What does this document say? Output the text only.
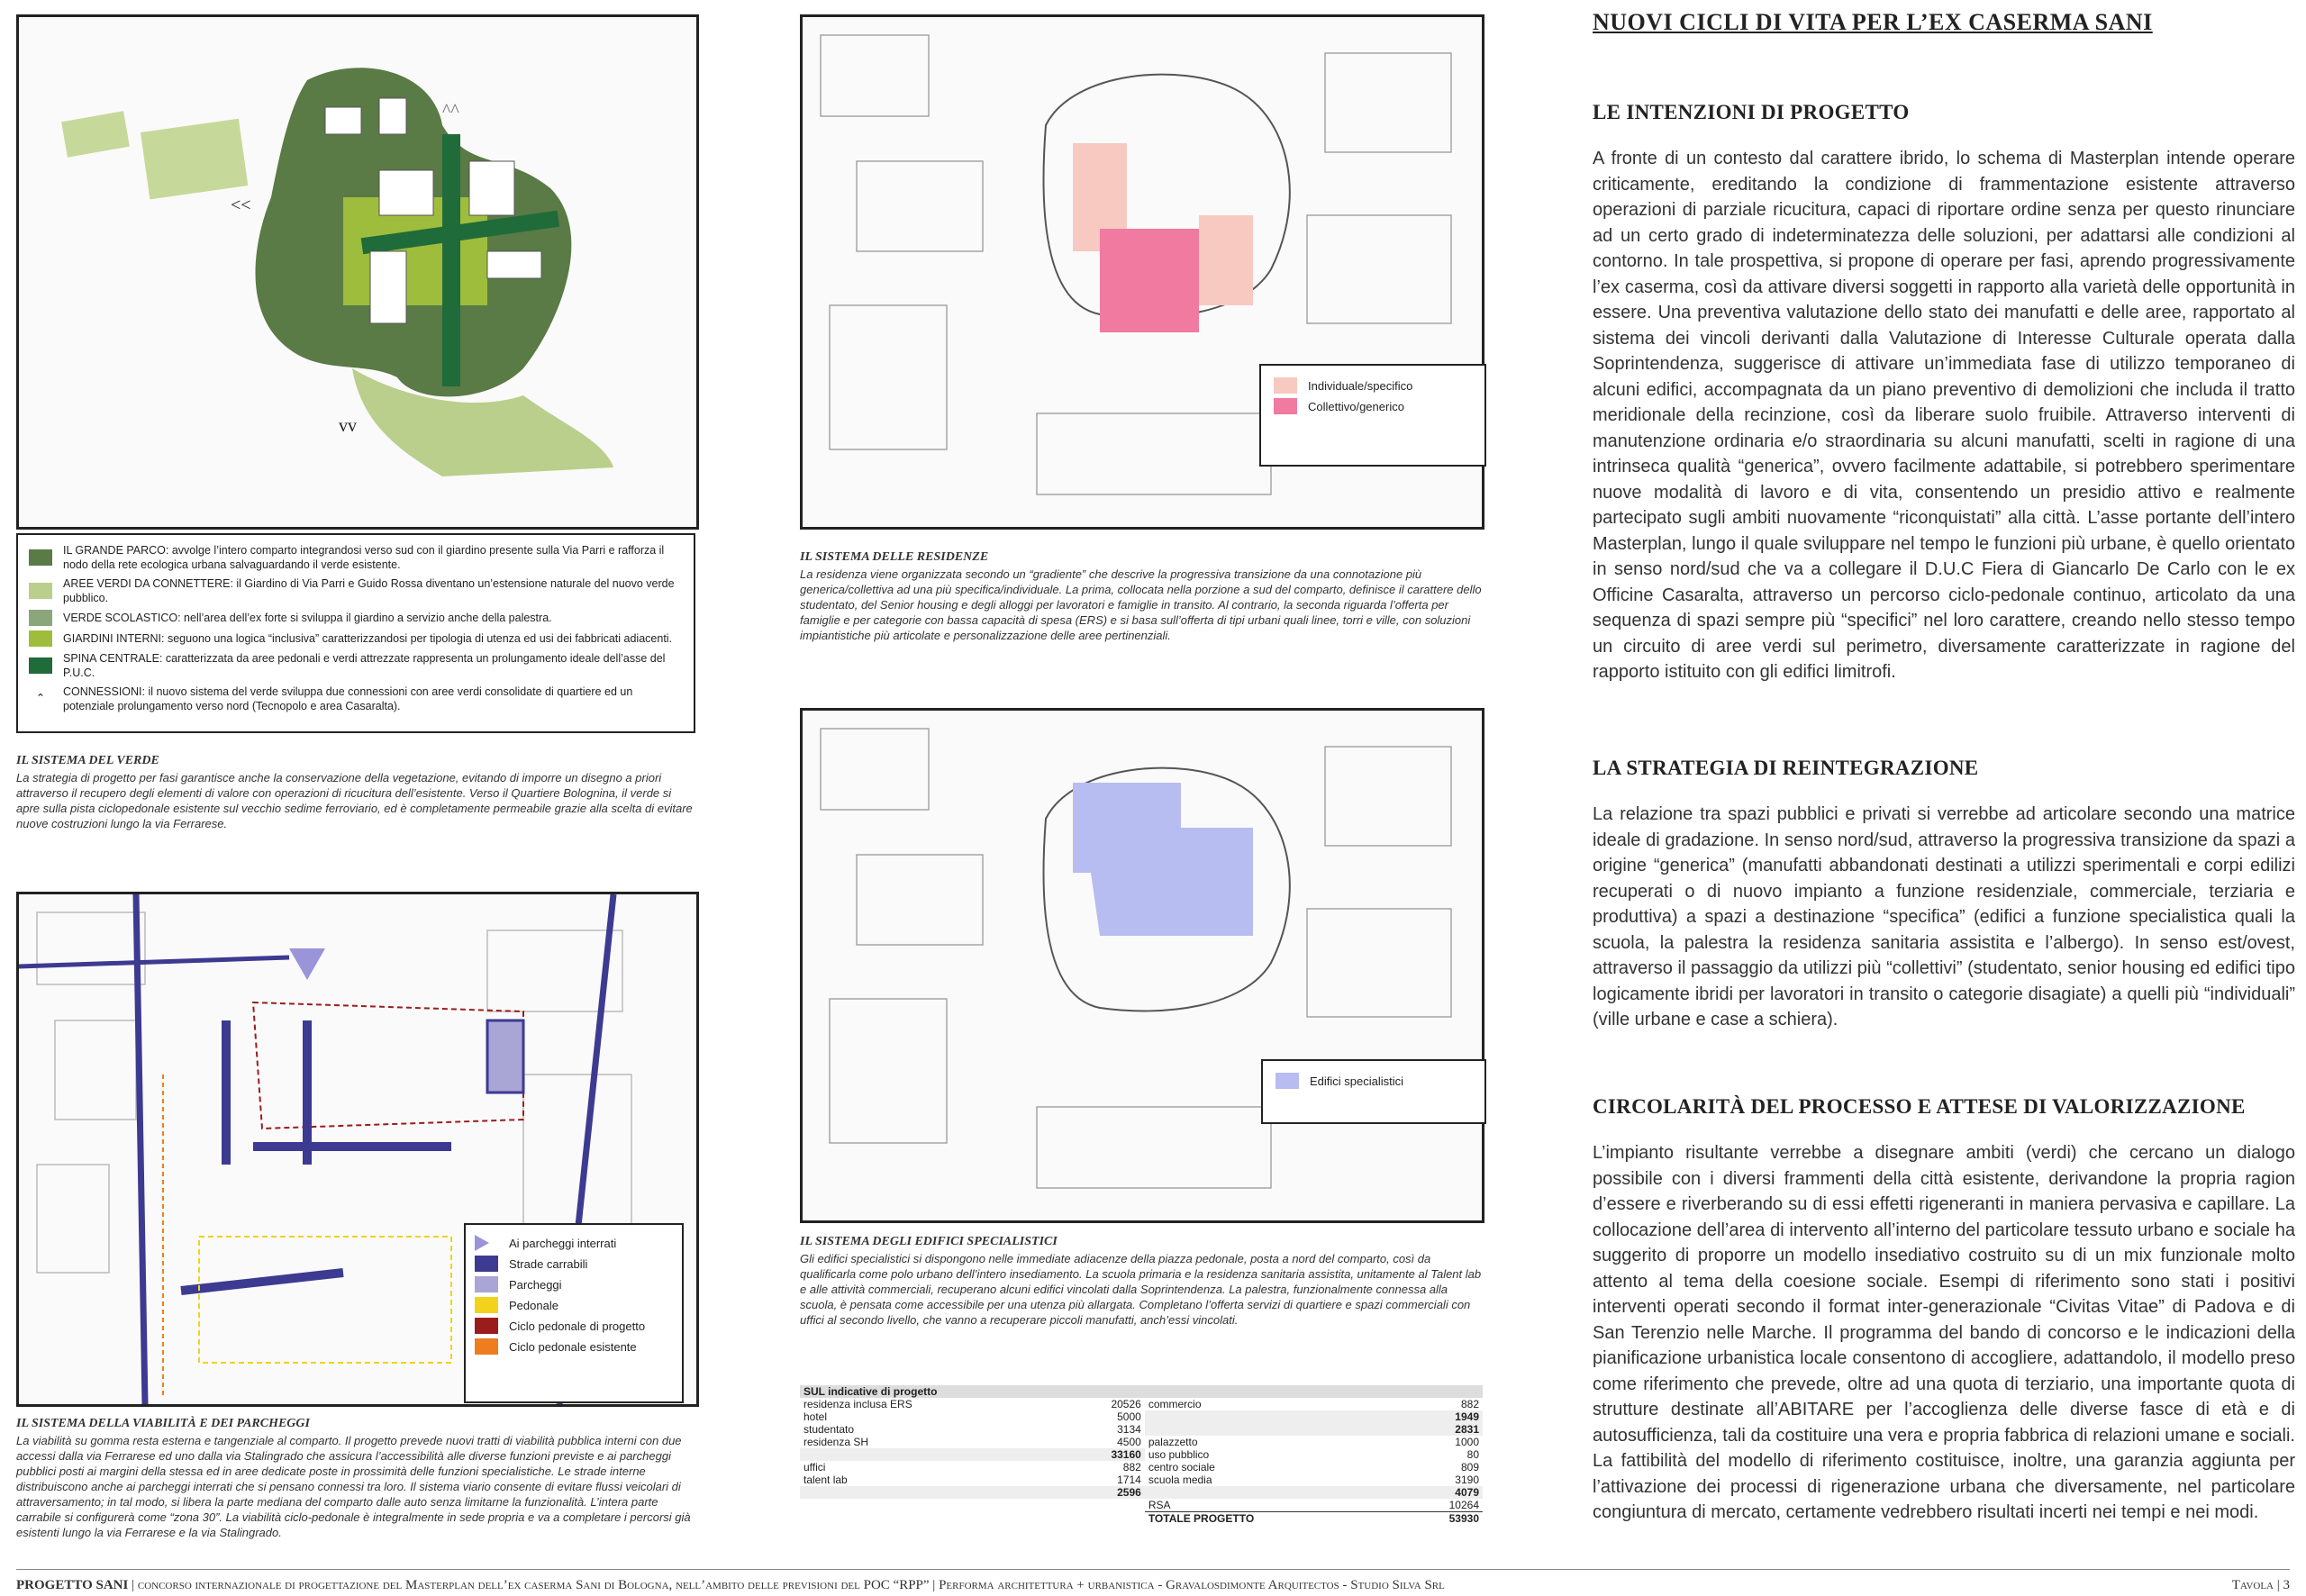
^^
<<
vv
IL GRANDE PARCO: avvolge l’intero comparto integrandosi verso sud con il giardino presente sulla Via Parri e rafforza il nodo della rete ecologica urbana salvaguardando il verde esistente.
AREE VERDI DA CONNETTERE: il Giardino di Via Parri e Guido Rossa diventano un’estensione naturale del nuovo verde pubblico.
VERDE SCOLASTICO: nell’area dell’ex forte si sviluppa il giardino a servizio anche della palestra.
GIARDINI INTERNI: seguono una logica “inclusiva” caratterizzandosi per tipologia di utenza ed usi dei fabbricati adiacenti.
SPINA CENTRALE: caratterizzata da aree pedonali e verdi attrezzate rappresenta un prolungamento ideale dell’asse del P.U.C.
⌃	CONNESSIONI: il nuovo sistema del verde sviluppa due connessioni con aree verdi consolidate di quartiere ed un potenziale prolungamento verso nord (Tecnopolo e area Casaralta).
IL SISTEMA DEL VERDE
La strategia di progetto per fasi garantisce anche la conservazione della vegetazione, evitando di imporre un disegno a priori attraverso il recupero degli elementi di valore con operazioni di ricucitura dell’esistente. Verso il Quartiere Bolognina, il verde si apre sulla pista ciclopedonale esistente sul vecchio sedime ferroviario, ed è completamente permeabile grazie alla scelta di evitare nuove costruzioni lungo la via Ferrarese.
Ai parcheggi interrati
Strade carrabili
Parcheggi
Pedonale
Ciclo pedonale di progetto
Ciclo pedonale esistente
IL SISTEMA DELLA VIABILITÀ E DEI PARCHEGGI
La viabilità su gomma resta esterna e tangenziale al comparto. Il progetto prevede nuovi tratti di viabilità pubblica interni con due accessi dalla via Ferrarese ed uno dalla via Stalingrado che assicura l’accessibilità alle diverse funzioni previste e ai parcheggi pubblici posti ai margini della stessa ed in aree dedicate poste in prossimità delle funzioni specialistiche. Le strade interne distribuiscono anche ai parcheggi interrati che si pensano connessi tra loro. Il sistema viario consente di evitare flussi veicolari di attraversamento; in tal modo, si libera la parte mediana del comparto dalle auto senza limitarne la funzionalità. L’intera parte carrabile si configurerà come “zona 30”. La viabilità ciclo-pedonale è integralmente in sede propria e va a completare i percorsi già esistenti lungo la via Ferrarese e la via Stalingrado.
Individuale/specifico
Collettivo/generico
IL SISTEMA DELLE RESIDENZE
La residenza viene organizzata secondo un “gradiente” che descrive la progressiva transizione da una connotazione più generica/collettiva ad una più specifica/individuale. La prima, collocata nella porzione a sud del comparto, definisce il carattere dello studentato, del Senior housing e degli alloggi per lavoratori e famiglie in transito. Al contrario, la seconda riguarda l’offerta per famiglie e per categorie con bassa capacità di spesa (ERS) e si basa sull’offerta di tipi urbani quali linee, torri e ville, con soluzioni impiantistiche più articolate e personalizzazione delle aree pertinenziali.
Edifici specialistici
IL SISTEMA DEGLI EDIFICI SPECIALISTICI
Gli edifici specialistici si dispongono nelle immediate adiacenze della piazza pedonale, posta a nord del comparto, così da qualificarla come polo urbano dell’intero insediamento. La scuola primaria e la residenza sanitaria assistita, unitamente al Talent lab e alle attività commerciali, recuperano alcuni edifici vincolati dalla Soprintendenza. La palestra, funzionalmente connessa alla scuola, è pensata come accessibile per una utenza più allargata. Completano l’offerta servizi di quartiere e spazi commerciali con uffici al secondo livello, che vanno a recuperare piccoli manufatti, anch’essi vincolati.
SUL indicative di progetto			
residenza inclusa ERS	20526	commercio	882
hotel	5000		1949
studentato	3134		2831
residenza SH	4500	palazzetto	1000
	33160	uso pubblico	80
uffici	882	centro sociale	809
talent lab	1714	scuola media	3190
	2596		4079
		RSA	10264
		TOTALE PROGETTO	53930
NUOVI CICLI DI VITA PER L’EX CASERMA SANI
LE INTENZIONI DI PROGETTO
A fronte di un contesto dal carattere ibrido, lo schema di Masterplan intende operare criticamente, ereditando la condizione di frammentazione esistente attraverso operazioni di parziale ricucitura, capaci di riportare ordine senza per questo rinunciare ad un certo grado di indeterminatezza delle soluzioni, per adattarsi alle condizioni al contorno. In tale prospettiva, si propone di operare per fasi, aprendo progressivamente l’ex caserma, così da attivare diversi soggetti in rapporto alla varietà delle opportunità in essere. Una preventiva valutazione dello stato dei manufatti e delle aree, rapportato al sistema dei vincoli derivanti dalla Valutazione di Interesse Culturale operata dalla Soprintendenza, suggerisce di attivare un’immediata fase di utilizzo temporaneo di alcuni edifici, accompagnata da un piano preventivo di demolizioni che includa il tratto meridionale della recinzione, così da liberare suolo fruibile. Attraverso interventi di manutenzione ordinaria e/o straordinaria su alcuni manufatti, scelti in ragione di una intrinseca qualità “generica”, ovvero facilmente adattabile, si potrebbero sperimentare nuove modalità di lavoro e di vita, consentendo un presidio attivo e realmente partecipato sugli ambiti nuovamente “riconquistati” alla città. L’asse portante dell’intero Masterplan, lungo il quale sviluppare nel tempo le funzioni più urbane, è quello orientato in senso nord/sud che va a collegare il D.U.C Fiera di Giancarlo De Carlo con le ex Officine Casaralta, attraverso un percorso ciclo-pedonale continuo, articolato da una sequenza di spazi sempre più “specifici” nel loro carattere, creando nello stesso tempo un circuito di aree verdi sul perimetro, diversamente caratterizzate in ragione del rapporto istituito con gli edifici limitrofi.
LA STRATEGIA DI REINTEGRAZIONE
La relazione tra spazi pubblici e privati si verrebbe ad articolare secondo una matrice ideale di gradazione. In senso nord/sud, attraverso la progressiva transizione da spazi a origine “generica” (manufatti abbandonati destinati a utilizzi sperimentali e corpi edilizi recuperati o di nuovo impianto a funzione residenziale, commerciale, terziaria e produttiva) a spazi a destinazione “specifica” (edifici a funzione specialistica quali la scuola, la palestra la residenza sanitaria assistita e l’albergo). In senso est/ovest, attraverso il passaggio da utilizzi più “collettivi” (studentato, senior housing ed edifici tipo logicamente ibridi per lavoratori in transito o categorie disagiate) a quelli più “individuali” (ville urbane e case a schiera).
CIRCOLARITÀ DEL PROCESSO E ATTESE DI VALORIZZAZIONE
L’impianto risultante verrebbe a disegnare ambiti (verdi) che cercano un dialogo possibile con i diversi frammenti della città esistente, derivandone la propria ragion d’essere e riverberando su di essi effetti rigeneranti in maniera pervasiva e capillare. La collocazione dell’area di intervento all’interno del particolare tessuto urbano e sociale ha suggerito di proporre un modello insediativo costruito su di un mix funzionale molto attento al tema della coesione sociale. Esempi di riferimento sono stati i positivi interventi operati secondo il format inter-generazionale “Civitas Vitae” di Padova e di San Terenzio nelle Marche. Il programma del bando di concorso e le indicazioni della pianificazione urbanistica locale consentono di accogliere, adattandolo, il modello preso come riferimento che prevede, oltre ad una quota di terziario, una importante quota di strutture destinate all’ABITARE per l’accoglienza delle diverse fasce di età e di autosufficienza, tali da costituire una vera e propria fabbrica di relazioni umane e sociali. La fattibilità del modello di riferimento costituisce, inoltre, una garanzia aggiunta per l’attivazione dei processi di rigenerazione urbana che diversamente, nel particolare congiuntura di mercato, certamente vedrebbero risultati incerti nei tempi e nei modi.
PROGETTO SANI | concorso internazionale di progettazione del Masterplan dell’ex caserma Sani di Bologna, nell’ambito delle previsioni del POC “RPP” | Performa architettura + urbanistica - Gravalosdimonte Arquitectos - Studio Silva Srl	Tavola | 3
